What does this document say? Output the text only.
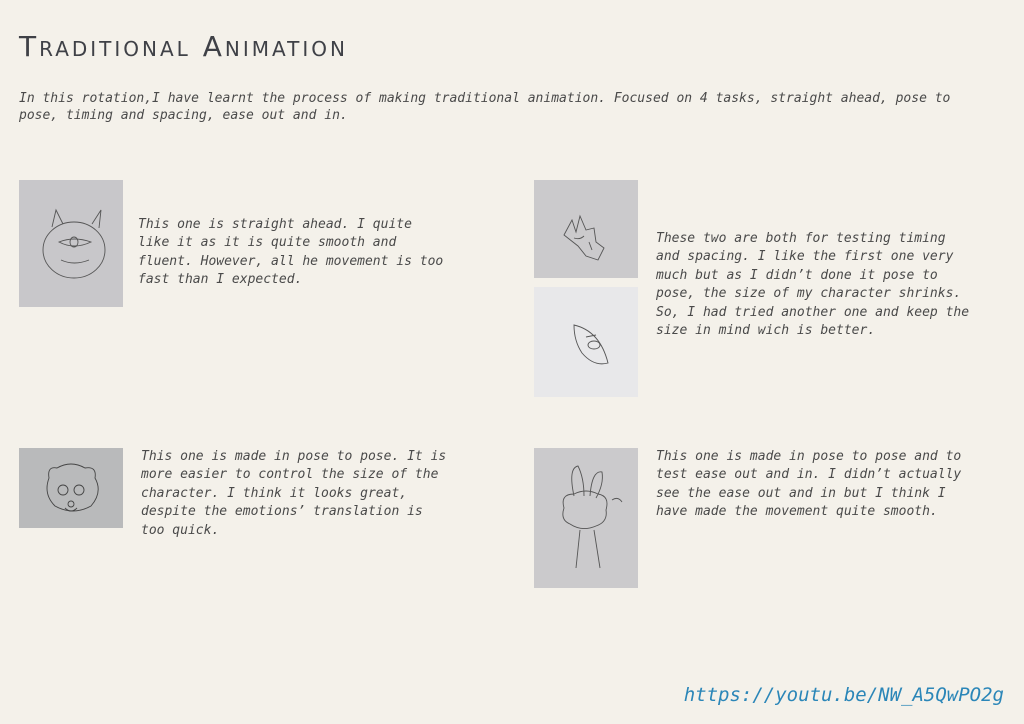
Traditional Animation

In this rotation,I have learnt the process of making traditional animation. Focused on 4 tasks, straight ahead, pose to pose, timing and spacing, ease out and in.

This one is straight ahead. I quite like it as it is quite smooth and fluent. However, all he movement is too fast than I expected.

These two are both for testing timing and spacing. I like the first one very much but as I didn’t done it pose to pose, the size of my character shrinks. So, I had tried another one and keep the size in mind wich is better.

This one is made in pose to pose. It is more easier to control the size of the character. I think it looks great, despite the emotions’ translation is too quick.

This one is made in pose to pose and to test ease out and in. I didn’t actually see the ease out and in but I think I have made the movement quite smooth.

https://youtu.be/NW_A5QwPO2g
